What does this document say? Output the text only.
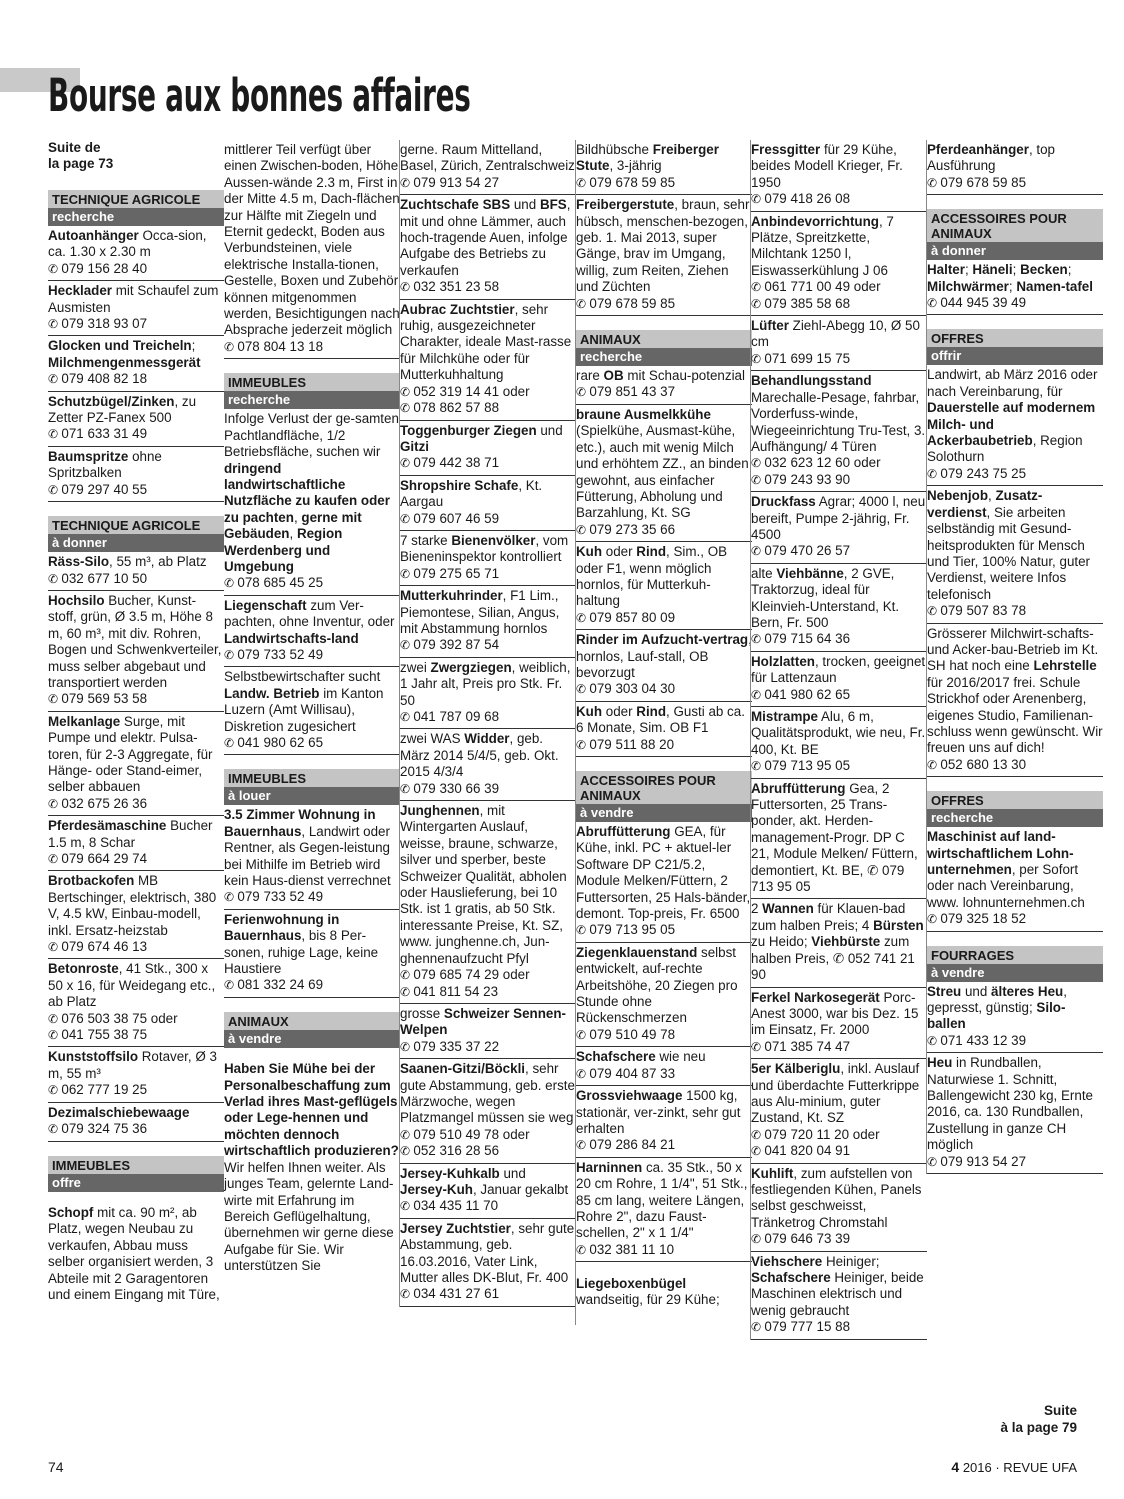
Bourse aux bonnes affaires
Suite de
la page 73
TECHNIQUE AGRICOLE
recherche

Autoanhänger Occa-sion, ca. 1.30 x 2.30 m

✆ 079 156 28 40

Hecklader mit Schaufel zum Ausmisten

✆ 079 318 93 07

Glocken und Treicheln; Milchmengenmessgerät

✆ 079 408 82 18

Schutzbügel/Zinken, zu Zetter PZ-Fanex 500

✆ 071 633 31 49

Baumspritze ohne Spritzbalken

✆ 079 297 40 55
TECHNIQUE AGRICOLE
à donner

Räss-Silo, 55 m³, ab Platz

✆ 032 677 10 50

Hochsilo Bucher, Kunst-stoff, grün, Ø 3.5 m, Höhe 8 m, 60 m³, mit div. Rohren, Bogen und Schwenkverteiler, muss selber abgebaut und transportiert werden

✆ 079 569 53 58

Melkanlage Surge, mit Pumpe und elektr. Pulsa-toren, für 2-3 Aggregate, für Hänge- oder Stand-eimer, selber abbauen

✆ 032 675 26 36

Pferdesämaschine Bucher 1.5 m, 8 Schar

✆ 079 664 29 74

Brotbackofen MB Bertschinger, elektrisch, 380 V, 4.5 kW, Einbau-modell, inkl. Ersatz-heizstab

✆ 079 674 46 13

Betonroste, 41 Stk., 300 x 50 x 16, für Weidegang etc., ab Platz

✆ 076 503 38 75 oder
✆ 041 755 38 75

Kunststoffsilo Rotaver, Ø 3 m, 55 m³

✆ 062 777 19 25

Dezimalschiebewaage

✆ 079 324 75 36
IMMEUBLES
offre

Schopf mit ca. 90 m², ab Platz, wegen Neubau zu verkaufen, Abbau muss selber organisiert werden, 3 Abteile mit 2 Garagentoren und einem Eingang mit Türe,

mittlerer Teil verfügt über einen Zwischen-boden, Höhe Aussen-wände 2.3 m, First in der Mitte 4.5 m, Dach-flächen zur Hälfte mit Ziegeln und Eternit gedeckt, Boden aus Verbundsteinen, viele elektrische Installa-tionen, Gestelle, Boxen und Zubehör können mitgenommen werden, Besichtigungen nach Absprache jederzeit möglich

✆ 078 804 13 18
IMMEUBLES
recherche

Infolge Verlust der ge-samten Pachtlandfläche, 1/2 Betriebsfläche, suchen wir dringend landwirtschaftliche Nutzfläche zu kaufen oder zu pachten, gerne mit Gebäuden, Region Werdenberg und Umgebung

✆ 078 685 45 25

Liegenschaft zum Ver-pachten, ohne Inventur, oder Landwirtschafts-land

✆ 079 733 52 49

Selbstbewirtschafter sucht Landw. Betrieb im Kanton Luzern (Amt Willisau), Diskretion zugesichert

✆ 041 980 62 65
IMMEUBLES
à louer

3.5 Zimmer Wohnung in Bauernhaus, Landwirt oder Rentner, als Gegen-leistung bei Mithilfe im Betrieb wird kein Haus-dienst verrechnet

✆ 079 733 52 49

Ferienwohnung in Bauernhaus, bis 8 Per-sonen, ruhige Lage, keine Haustiere

✆ 081 332 24 69
ANIMAUX
à vendre

Haben Sie Mühe bei der Personalbeschaffung zum Verlad ihres Mast-geflügels oder Lege-hennen und möchten dennoch wirtschaftlich produzieren? Wir helfen Ihnen weiter. Als junges Team, gelernte Land-wirte mit Erfahrung im Bereich Geflügelhaltung, übernehmen wir gerne diese Aufgabe für Sie. Wir unterstützen Sie

gerne. Raum Mittelland, Basel, Zürich, Zentralschweiz

✆ 079 913 54 27

Zuchtschafe SBS und BFS, mit und ohne Lämmer, auch hoch-tragende Auen, infolge Aufgabe des Betriebs zu verkaufen

✆ 032 351 23 58

Aubrac Zuchtstier, sehr ruhig, ausgezeichneter Charakter, ideale Mast-rasse für Milchkühe oder für Mutterkuhhaltung

✆ 052 319 14 41 oder
✆ 078 862 57 88

Toggenburger Ziegen und Gitzi

✆ 079 442 38 71

Shropshire Schafe, Kt. Aargau

✆ 079 607 46 59

7 starke Bienenvölker, vom Bieneninspektor kontrolliert

✆ 079 275 65 71

Mutterkuhrinder, F1 Lim., Piemontese, Silian, Angus, mit Abstammung hornlos

✆ 079 392 87 54

zwei Zwergziegen, weiblich, 1 Jahr alt, Preis pro Stk. Fr. 50

✆ 041 787 09 68

zwei WAS Widder, geb. März 2014 5/4/5, geb. Okt. 2015 4/3/4

✆ 079 330 66 39

Junghennen, mit Wintergarten Auslauf, weisse, braune, schwarze, silver und sperber, beste Schweizer Qualität, abholen oder Hauslieferung, bei 10 Stk. ist 1 gratis, ab 50 Stk. interessante Preise, Kt. SZ, www. junghenne.ch, Jun-ghennenaufzucht Pfyl

✆ 079 685 74 29 oder
✆ 041 811 54 23

grosse Schweizer Sennen-Welpen

✆ 079 335 37 22

Saanen-Gitzi/Böckli, sehr gute Abstammung, geb. erste Märzwoche, wegen Platzmangel müssen sie weg

✆ 079 510 49 78 oder
✆ 052 316 28 56

Jersey-Kuhkalb und Jersey-Kuh, Januar gekalbt

✆ 034 435 11 70

Jersey Zuchtstier, sehr gute Abstammung, geb. 16.03.2016, Vater Link, Mutter alles DK-Blut, Fr. 400

✆ 034 431 27 61

Bildhübsche Freiberger Stute, 3-jährig

✆ 079 678 59 85

Freibergerstute, braun, sehr hübsch, menschen-bezogen, geb. 1. Mai 2013, super Gänge, brav im Umgang, willig, zum Reiten, Ziehen und Züchten

✆ 079 678 59 85
ANIMAUX
recherche

rare OB mit Schau-potenzial

✆ 079 851 43 37

braune Ausmelkkühe (Spielkühe, Ausmast-kühe, etc.), auch mit wenig Milch und erhöhtem ZZ., an binden gewohnt, aus einfacher Fütterung, Abholung und Barzahlung, Kt. SG

✆ 079 273 35 66

Kuh oder Rind, Sim., OB oder F1, wenn möglich hornlos, für Mutterkuh-haltung

✆ 079 857 80 09

Rinder im Aufzucht-vertrag, hornlos, Lauf-stall, OB bevorzugt

✆ 079 303 04 30

Kuh oder Rind, Gusti ab ca. 6 Monate, Sim. OB F1

✆ 079 511 88 20
ACCESSOIRES POUR ANIMAUX
à vendre

Abruffütterung GEA, für Kühe, inkl. PC + aktuel-ler Software DP C21/5.2, Module Melken/Füttern, 2 Futtersorten, 25 Hals-bänder, demont. Top-preis, Fr. 6500

✆ 079 713 95 05

Ziegenklauenstand selbst entwickelt, auf-rechte Arbeitshöhe, 20 Ziegen pro Stunde ohne Rückenschmerzen

✆ 079 510 49 78

Schafschere wie neu

✆ 079 404 87 33

Grossviehwaage 1500 kg, stationär, ver-zinkt, sehr gut erhalten

✆ 079 286 84 21

Harninnen ca. 35 Stk., 50 x 20 cm Rohre, 1 1/4", 51 Stk., 85 cm lang, weitere Längen, Rohre 2", dazu Faust-schellen, 2" x 1 1/4"

✆ 032 381 11 10

Liegeboxenbügel wandseitig, für 29 Kühe;

Fressgitter für 29 Kühe, beides Modell Krieger, Fr. 1950

✆ 079 418 26 08

Anbindevorrichtung, 7 Plätze, Spreitzkette, Milchtank 1250 l, Eiswasserkühlung J 06

✆ 061 771 00 49 oder
✆ 079 385 58 68

Lüfter Ziehl-Abegg 10, Ø 50 cm

✆ 071 699 15 75

Behandlungsstand Marechalle-Pesage, fahrbar, Vorderfuss-winde, Wiegeeinrichtung Tru-Test, 3. Aufhängung/ 4 Türen

✆ 032 623 12 60 oder
✆ 079 243 93 90

Druckfass Agrar; 4000 l, neu bereift, Pumpe 2-jährig, Fr. 4500

✆ 079 470 26 57

alte Viehbänne, 2 GVE, Traktorzug, ideal für Kleinvieh-Unterstand, Kt. Bern, Fr. 500

✆ 079 715 64 36

Holzlatten, trocken, geeignet für Lattenzaun

✆ 041 980 62 65

Mistrampe Alu, 6 m, Qualitätsprodukt, wie neu, Fr. 400, Kt. BE

✆ 079 713 95 05

Abruffütterung Gea, 2 Futtersorten, 25 Trans-ponder, akt. Herden-management-Progr. DP C 21, Module Melken/ Füttern, demontiert, Kt. BE, ✆ 079 713 95 05

2 Wannen für Klauen-bad zum halben Preis; 4 Bürsten zu Heido; Viehbürste zum halben Preis, ✆ 052 741 21 90

Ferkel Narkosegerät Porc-Anest 3000, war bis Dez. 15 im Einsatz, Fr. 2000

✆ 071 385 74 47

5er Kälberiglu, inkl. Auslauf und überdachte Futterkrippe aus Alu-minium, guter Zustand, Kt. SZ

✆ 079 720 11 20 oder
✆ 041 820 04 91

Kuhlift, zum aufstellen von festliegenden Kühen, Panels selbst geschweisst, Tränketrog Chromstahl

✆ 079 646 73 39

Viehschere Heiniger; Schafschere Heiniger, beide Maschinen elektrisch und wenig gebraucht

✆ 079 777 15 88

Pferdeanhänger, top Ausführung

✆ 079 678 59 85
ACCESSOIRES POUR ANIMAUX
à donner

Halter; Häneli; Becken; Milchwärmer; Namen-tafel

✆ 044 945 39 49
OFFRES
offrir

Landwirt, ab März 2016 oder nach Vereinbarung, für Dauerstelle auf modernem Milch- und Ackerbaubetrieb, Region Solothurn

✆ 079 243 75 25

Nebenjob, Zusatz-verdienst, Sie arbeiten selbständig mit Gesund-heitsprodukten für Mensch und Tier, 100% Natur, guter Verdienst, weitere Infos telefonisch

✆ 079 507 83 78

Grösserer Milchwirt-schafts- und Acker-bau-Betrieb im Kt. SH hat noch eine Lehrstelle für 2016/2017 frei. Schule Strickhof oder Arenenberg, eigenes Studio, Familienan-schluss wenn gewünscht. Wir freuen uns auf dich!

✆ 052 680 13 30
OFFRES
recherche

Maschinist auf land-wirtschaftlichem Lohn-unternehmen, per Sofort oder nach Vereinbarung, www. lohnunternehmen.ch

✆ 079 325 18 52
FOURRAGES
à vendre

Streu und älteres Heu, gepresst, günstig; Silo-ballen

✆ 071 433 12 39

Heu in Rundballen, Naturwiese 1. Schnitt, Ballengewicht 230 kg, Ernte 2016, ca. 130 Rundballen, Zustellung in ganze CH möglich

✆ 079 913 54 27
Suite
à la page 79
74	4 2016 · REVUE UFA
